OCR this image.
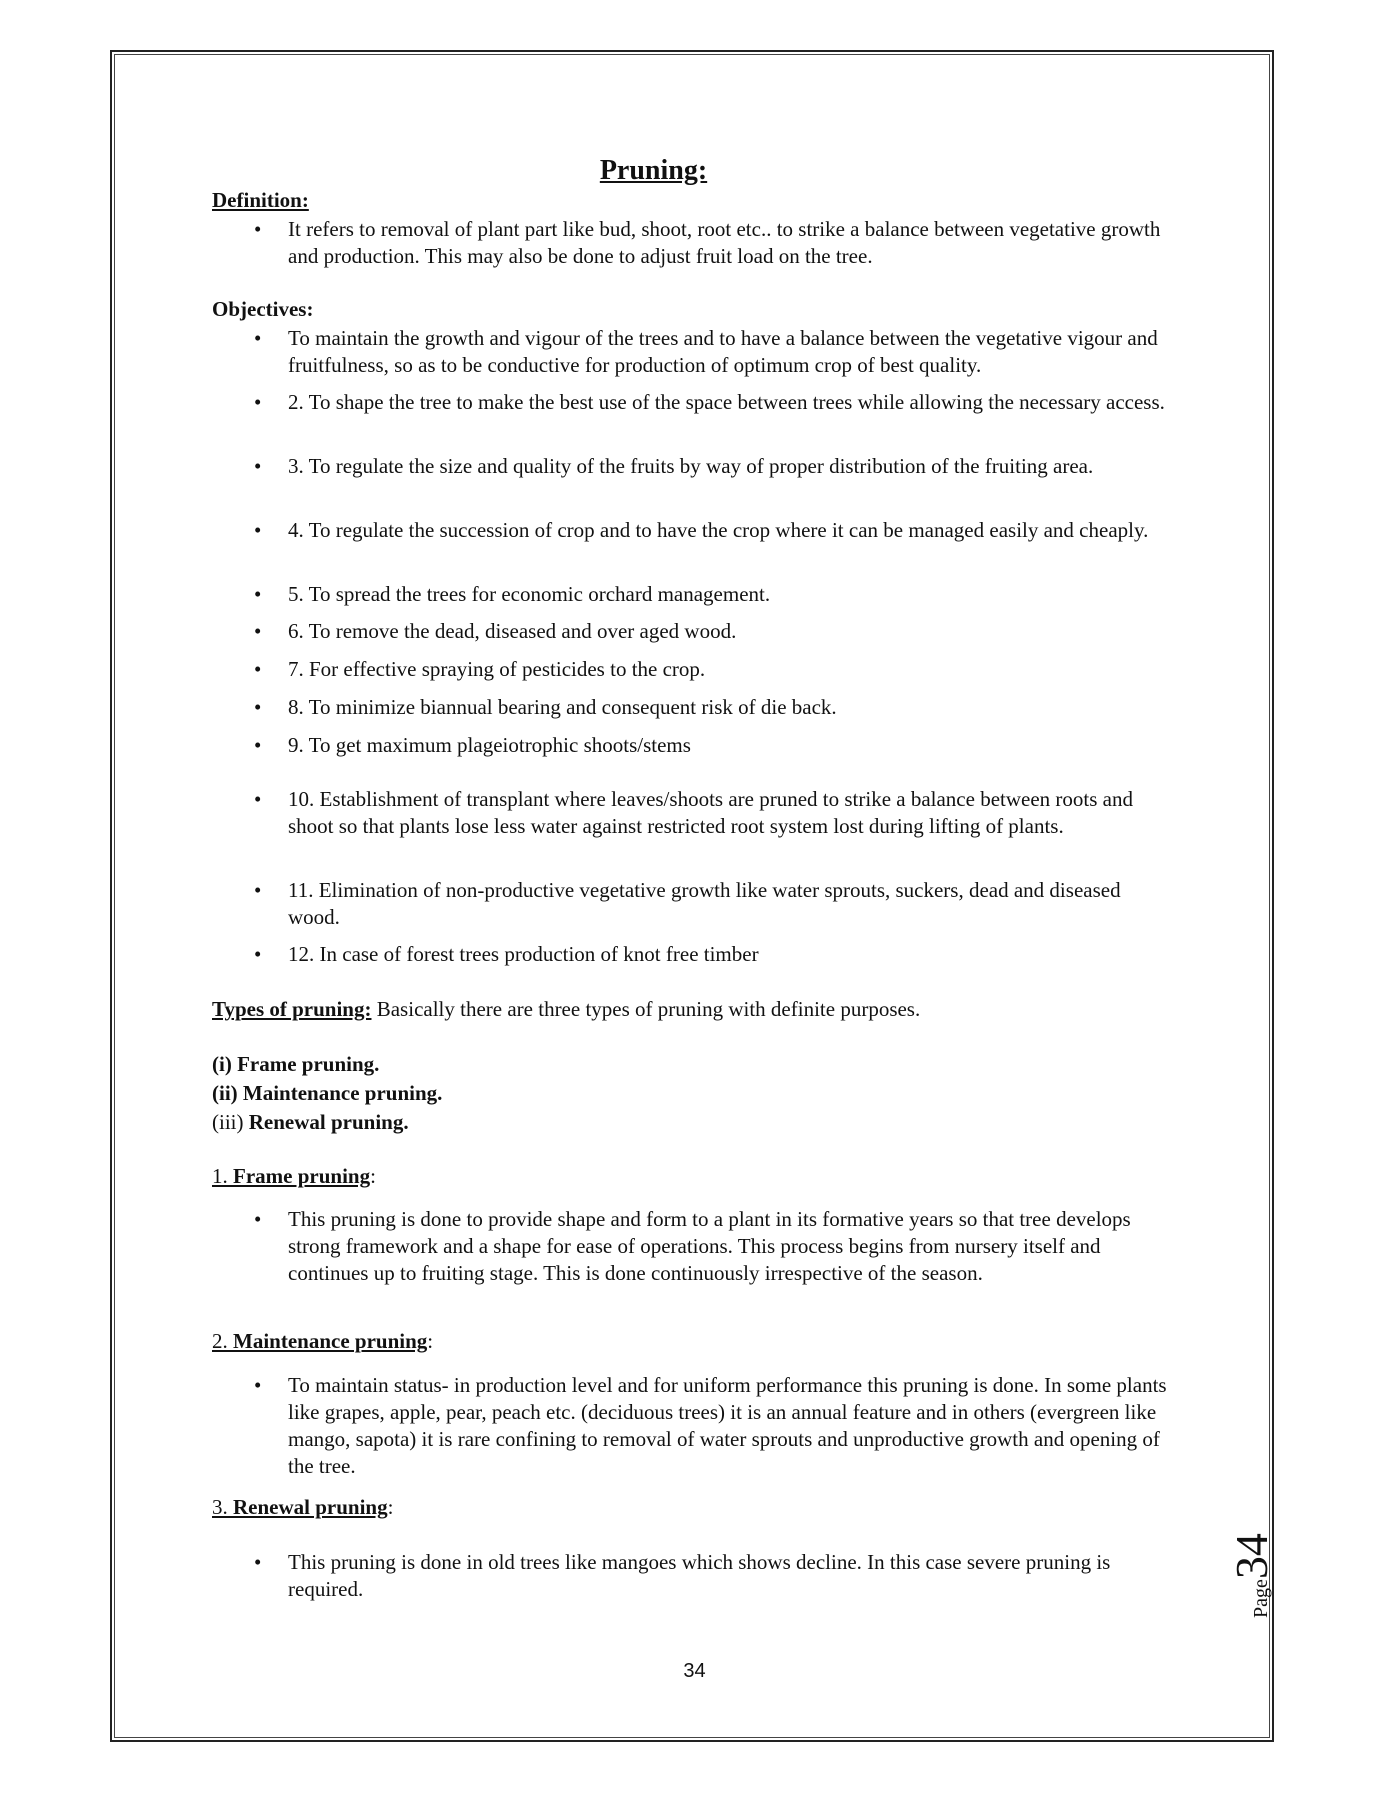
Pruning:
Definition:
• It refers to removal of plant part like bud, shoot, root etc.. to strike a balance between vegetative growth and production. This may also be done to adjust fruit load on the tree.
Objectives:
• To maintain the growth and vigour of the trees and to have a balance between the vegetative vigour and fruitfulness, so as to be conductive for production of optimum crop of best quality.
• 2. To shape the tree to make the best use of the space between trees while allowing the necessary access.
• 3. To regulate the size and quality of the fruits by way of proper distribution of the fruiting area.
• 4. To regulate the succession of crop and to have the crop where it can be managed easily and cheaply.
• 5. To spread the trees for economic orchard management.
• 6. To remove the dead, diseased and over aged wood.
• 7. For effective spraying of pesticides to the crop.
• 8. To minimize biannual bearing and consequent risk of die back.
• 9. To get maximum plageiotrophic shoots/stems
• 10. Establishment of transplant where leaves/shoots are pruned to strike a balance between roots and shoot so that plants lose less water against restricted root system lost during lifting of plants.
• 11. Elimination of non-productive vegetative growth like water sprouts, suckers, dead and diseased wood.
• 12. In case of forest trees production of knot free timber
Types of pruning: Basically there are three types of pruning with definite purposes.
(i) Frame pruning.
(ii) Maintenance pruning.
(iii) Renewal pruning.
1. Frame pruning:
• This pruning is done to provide shape and form to a plant in its formative years so that tree develops strong framework and a shape for ease of operations. This process begins from nursery itself and continues up to fruiting stage. This is done continuously irrespective of the season.
2. Maintenance pruning:
• To maintain status- in production level and for uniform performance this pruning is done. In some plants like grapes, apple, pear, peach etc. (deciduous trees) it is an annual feature and in others (evergreen like mango, sapota) it is rare confining to removal of water sprouts and unproductive growth and opening of the tree.
3. Renewal pruning:
• This pruning is done in old trees like mangoes which shows decline. In this case severe pruning is required.
34
Page34
